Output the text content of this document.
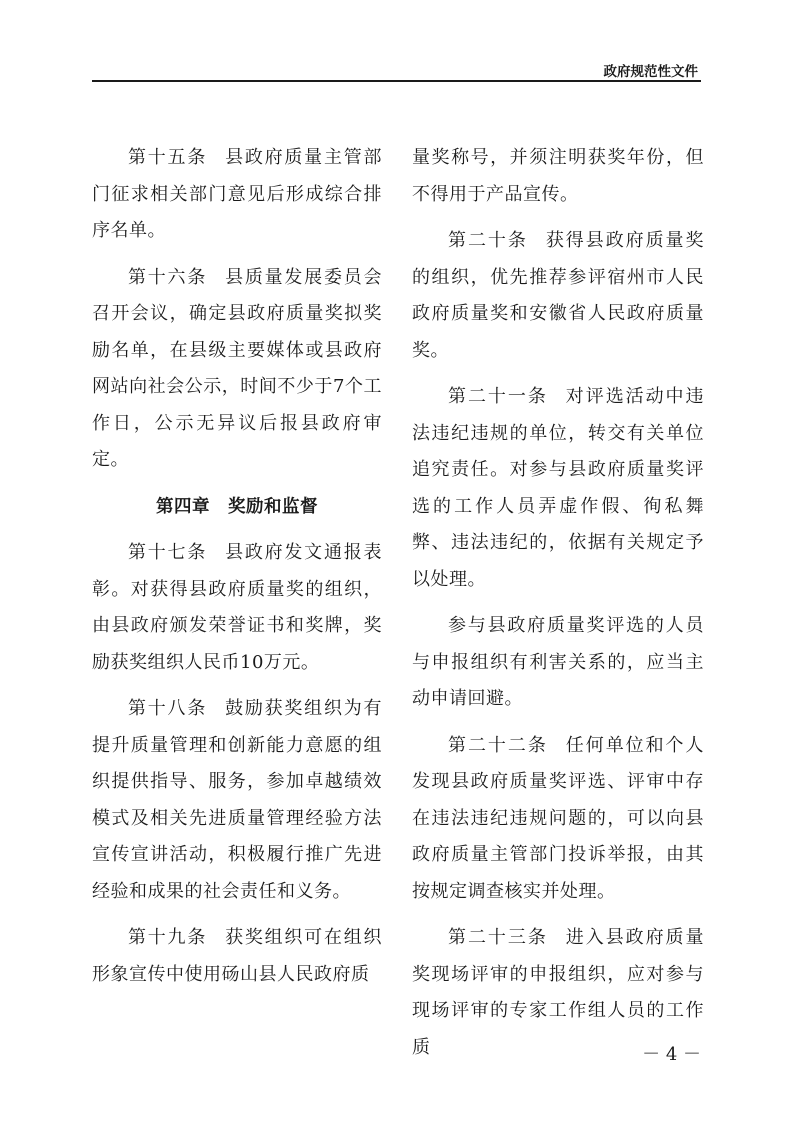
政府规范性文件

第十五条 县政府质量主管部门征求相关部门意见后形成综合排序名单。

第十六条 县质量发展委员会召开会议，确定县政府质量奖拟奖励名单，在县级主要媒体或县政府网站向社会公示，时间不少于7个工作日，公示无异议后报县政府审定。

第四章　奖励和监督

第十七条 县政府发文通报表彰。对获得县政府质量奖的组织，由县政府颁发荣誉证书和奖牌，奖励获奖组织人民币10万元。

第十八条 鼓励获奖组织为有提升质量管理和创新能力意愿的组织提供指导、服务，参加卓越绩效模式及相关先进质量管理经验方法宣传宣讲活动，积极履行推广先进经验和成果的社会责任和义务。

第十九条 获奖组织可在组织形象宣传中使用砀山县人民政府质

量奖称号，并须注明获奖年份，但不得用于产品宣传。

第二十条 获得县政府质量奖的组织，优先推荐参评宿州市人民政府质量奖和安徽省人民政府质量奖。

第二十一条 对评选活动中违法违纪违规的单位，转交有关单位追究责任。对参与县政府质量奖评选的工作人员弄虚作假、徇私舞弊、违法违纪的，依据有关规定予以处理。

参与县政府质量奖评选的人员与申报组织有利害关系的，应当主动申请回避。

第二十二条 任何单位和个人发现县政府质量奖评选、评审中存在违法违纪违规问题的，可以向县政府质量主管部门投诉举报，由其按规定调查核实并处理。

第二十三条 进入县政府质量奖现场评审的申报组织，应对参与现场评审的专家工作组人员的工作质	－ 4 －
